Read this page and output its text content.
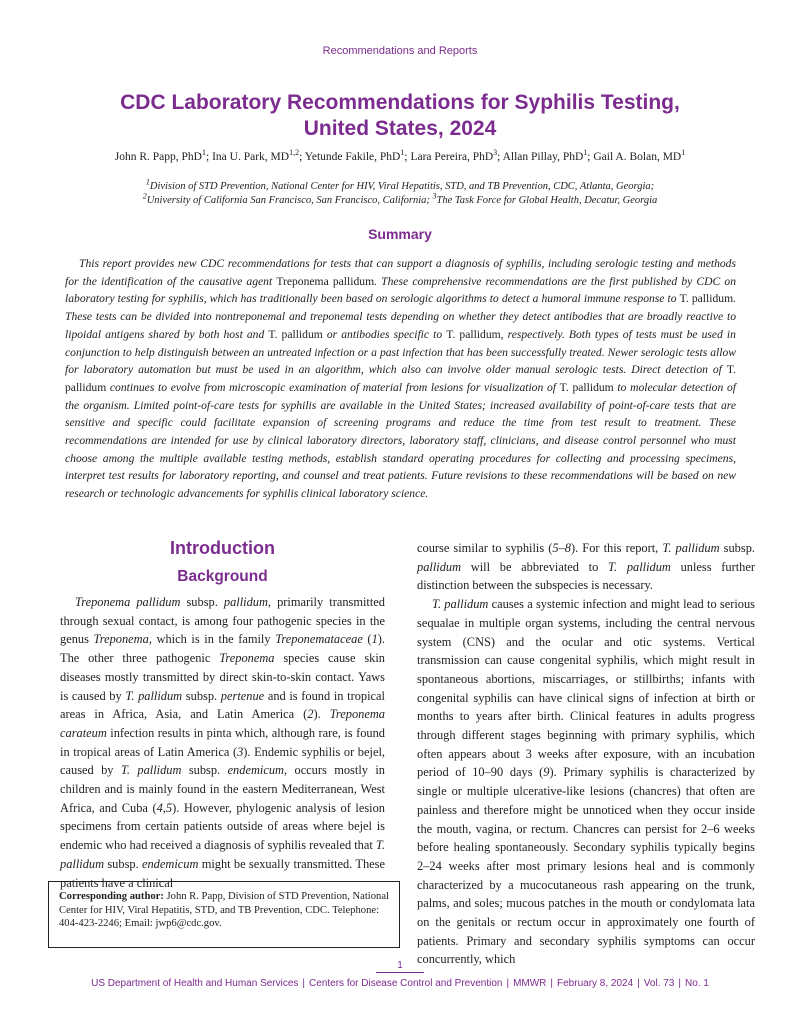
Recommendations and Reports
CDC Laboratory Recommendations for Syphilis Testing,
United States, 2024
John R. Papp, PhD$^1$; Ina U. Park, MD$^{1,2}$; Yetunde Fakile, PhD$^1$; Lara Pereira, PhD$^3$; Allan Pillay, PhD$^1$; Gail A. Bolan, $MD^1$
$^1$Division of STD Prevention, National Center for HIV, Viral Hepatitis, STD, and TB Prevention, CDC, Atlanta, Georgia;
$^2$University of California San Francisco, San Francisco, California; $^3$The Task Force for Global Health, Decatur, Georgia
Summary

This report provides new CDC recommendations for tests that can support a diagnosis of syphilis, including serologic testing and methods for the identification of the causative agent Treponema pallidum. These comprehensive recommendations are the first published by CDC on laboratory testing for syphilis, which has traditionally been based on serologic algorithms to detect a humoral immune response to T. pallidum. These tests can be divided into nontreponemal and treponemal tests depending on whether they detect antibodies that are broadly reactive to lipoidal antigens shared by both host and T. pallidum or antibodies specific to T. pallidum, respectively. Both types of tests must be used in conjunction to help distinguish between an untreated infection or a past infection that has been successfully treated. Newer serologic tests allow for laboratory automation but must be used in an algorithm, which also can involve older manual serologic tests. Direct detection of T. pallidum continues to evolve from microscopic examination of material from lesions for visualization of T. pallidum to molecular detection of the organism. Limited point-of-care tests for syphilis are available in the United States; increased availability of point-of-care tests that are sensitive and specific could facilitate expansion of screening programs and reduce the time from test result to treatment. These recommendations are intended for use by clinical laboratory directors, laboratory staff, clinicians, and disease control personnel who must choose among the multiple available testing methods, establish standard operating procedures for collecting and processing specimens, interpret test results for laboratory reporting, and counsel and treat patients. Future revisions to these recommendations will be based on new research or technologic advancements for syphilis clinical laboratory science.

Introduction
Background

Treponema pallidum subsp. pallidum, primarily transmitted through sexual contact, is among four pathogenic species in the genus Treponema, which is in the family Treponemataceae (1). The other three pathogenic Treponema species cause skin diseases mostly transmitted by direct skin-to-skin contact. Yaws is caused by T. pallidum subsp. pertenue and is found in tropical areas in Africa, Asia, and Latin America (2). Treponema carateum infection results in pinta which, although rare, is found in tropical areas of Latin America (3). Endemic syphilis or bejel, caused by T. pallidum subsp. endemicum, occurs mostly in children and is mainly found in the eastern Mediterranean, West Africa, and Cuba (4,5). However, phylogenic analysis of lesion specimens from certain patients outside of areas where bejel is endemic who had received a diagnosis of syphilis revealed that T. pallidum subsp. endemicum might be sexually transmitted. These patients have a clinical

course similar to syphilis (5–8). For this report, T. pallidum subsp. pallidum will be abbreviated to T. pallidum unless further distinction between the subspecies is necessary.

T. pallidum causes a systemic infection and might lead to serious sequalae in multiple organ systems, including the central nervous system (CNS) and the ocular and otic systems. Vertical transmission can cause congenital syphilis, which might result in spontaneous abortions, miscarriages, or stillbirths; infants with congenital syphilis can have clinical signs of infection at birth or months to years after birth. Clinical features in adults progress through different stages beginning with primary syphilis, which often appears about 3 weeks after exposure, with an incubation period of 10–90 days (9). Primary syphilis is characterized by single or multiple ulcerative-like lesions (chancres) that often are painless and therefore might be unnoticed when they occur inside the mouth, vagina, or rectum. Chancres can persist for 2–6 weeks before healing spontaneously. Secondary syphilis typically begins 2–24 weeks after most primary lesions heal and is commonly characterized by a mucocutaneous rash appearing on the trunk, palms, and soles; mucous patches in the mouth or condylomata lata on the genitals or rectum occur in approximately one fourth of patients. Primary and secondary syphilis symptoms can occur concurrently, which

Corresponding author: John R. Papp, Division of STD Prevention, National Center for HIV, Viral Hepatitis, STD, and TB Prevention, CDC. Telephone: 404-423-2246; Email: jwp6@cdc.gov.
1
US Department of Health and Human Services | Centers for Disease Control and Prevention | MMWR | February 8, 2024 | Vol. 73 | No. 1
